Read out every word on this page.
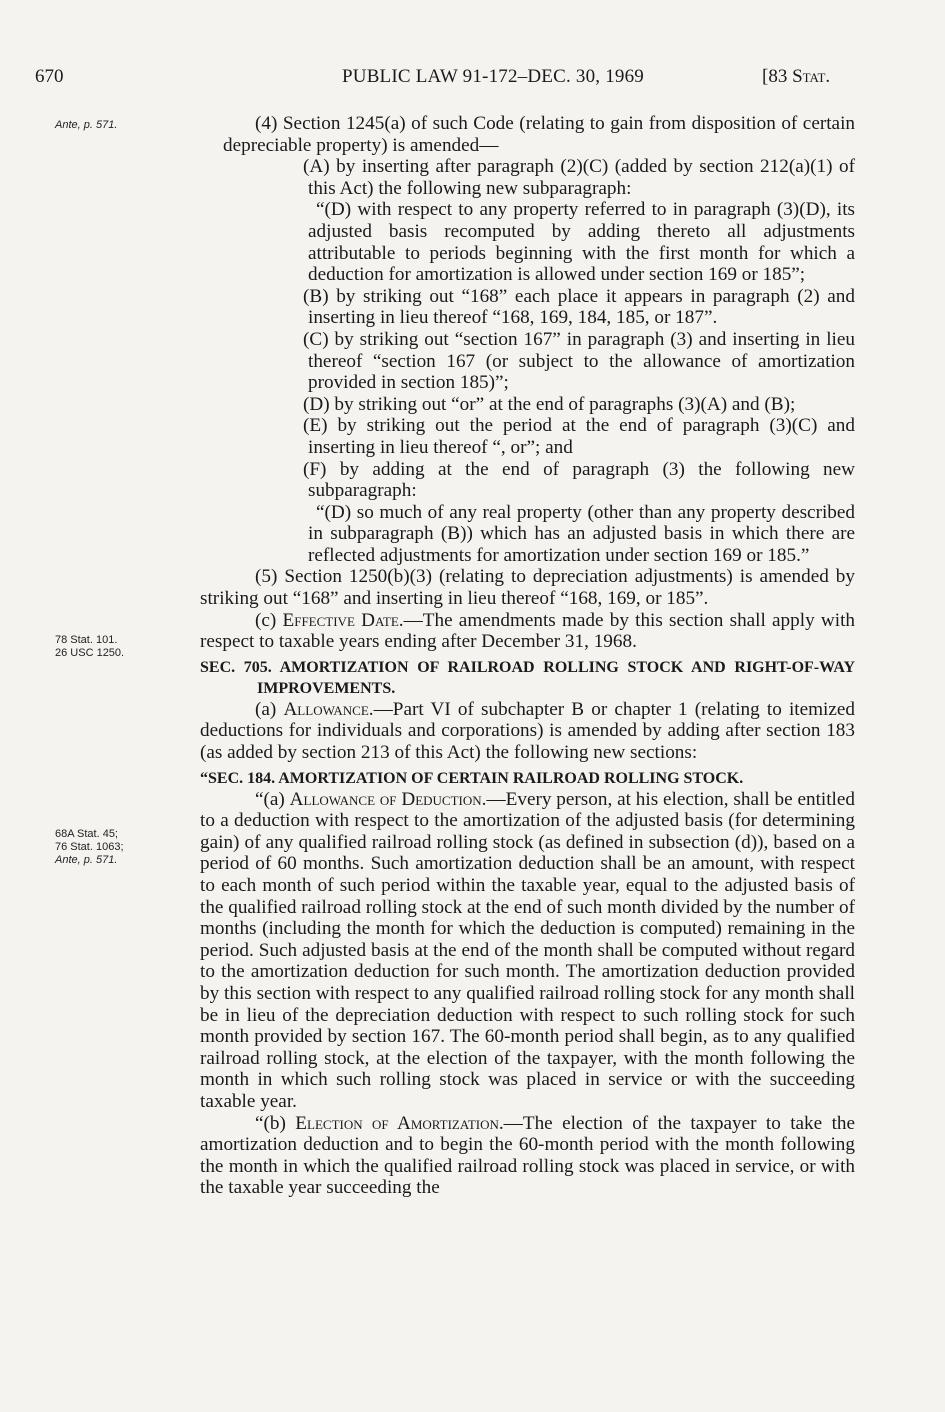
670	PUBLIC LAW 91-172–DEC. 30, 1969	[83 Stat.
Ante, p. 571.
78 Stat. 101.
26 USC 1250.
68A Stat. 45;
76 Stat. 1063;
Ante, p. 571.

(4) Section 1245(a) of such Code (relating to gain from disposition of certain depreciable property) is amended—

(A) by inserting after paragraph (2)(C) (added by section 212(a)(1) of this Act) the following new subparagraph:

“(D) with respect to any property referred to in paragraph (3)(D), its adjusted basis recomputed by adding thereto all adjustments attributable to periods beginning with the first month for which a deduction for amortization is allowed under section 169 or 185”;

(B) by striking out “168” each place it appears in paragraph (2) and inserting in lieu thereof “168, 169, 184, 185, or 187”.

(C) by striking out “section 167” in paragraph (3) and inserting in lieu thereof “section 167 (or subject to the allowance of amortization provided in section 185)”;

(D) by striking out “or” at the end of paragraphs (3)(A) and (B);

(E) by striking out the period at the end of paragraph (3)(C) and inserting in lieu thereof “, or”; and

(F) by adding at the end of paragraph (3) the following new subparagraph:

“(D) so much of any real property (other than any property described in subparagraph (B)) which has an adjusted basis in which there are reflected adjustments for amortization under section 169 or 185.”

(5) Section 1250(b)(3) (relating to depreciation adjustments) is amended by striking out “168” and inserting in lieu thereof “168, 169, or 185”.

(c) Effective Date.—The amendments made by this section shall apply with respect to taxable years ending after December 31, 1968.

SEC. 705. AMORTIZATION OF RAILROAD ROLLING STOCK AND RIGHT-OF-WAY IMPROVEMENTS.

(a) Allowance.—Part VI of subchapter B or chapter 1 (relating to itemized deductions for individuals and corporations) is amended by adding after section 183 (as added by section 213 of this Act) the following new sections:

“SEC. 184. AMORTIZATION OF CERTAIN RAILROAD ROLLING STOCK.

“(a) Allowance of Deduction.—Every person, at his election, shall be entitled to a deduction with respect to the amortization of the adjusted basis (for determining gain) of any qualified railroad rolling stock (as defined in subsection (d)), based on a period of 60 months. Such amortization deduction shall be an amount, with respect to each month of such period within the taxable year, equal to the adjusted basis of the qualified railroad rolling stock at the end of such month divided by the number of months (including the month for which the deduction is computed) remaining in the period. Such adjusted basis at the end of the month shall be computed without regard to the amortization deduction for such month. The amortization deduction provided by this section with respect to any qualified railroad rolling stock for any month shall be in lieu of the depreciation deduction with respect to such rolling stock for such month provided by section 167. The 60-month period shall begin, as to any qualified railroad rolling stock, at the election of the taxpayer, with the month following the month in which such rolling stock was placed in service or with the succeeding taxable year.

“(b) Election of Amortization.—The election of the taxpayer to take the amortization deduction and to begin the 60-month period with the month following the month in which the qualified railroad rolling stock was placed in service, or with the taxable year succeeding the
